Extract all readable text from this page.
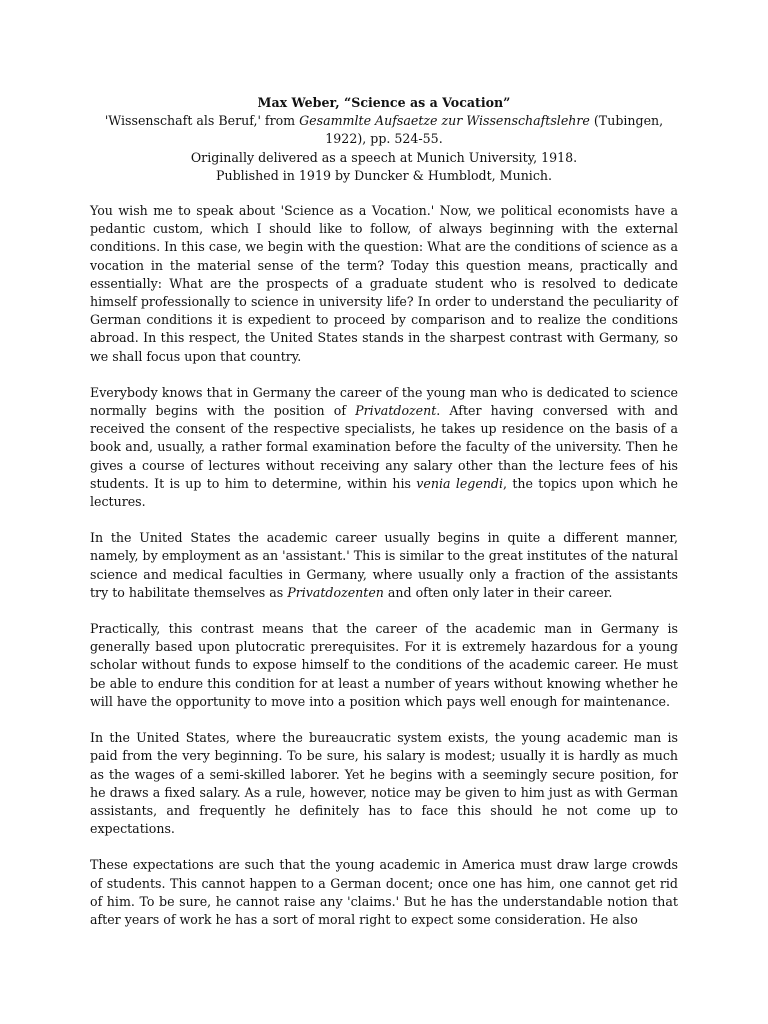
Max Weber, “Science as a Vocation”
'Wissenschaft als Beruf,' from Gesammlte Aufsaetze zur Wissenschaftslehre (Tubingen, 1922), pp. 524-55.
Originally delivered as a speech at Munich University, 1918.
Published in 1919 by Duncker & Humblodt, Munich.

You wish me to speak about 'Science as a Vocation.' Now, we political economists have a pedantic custom, which I should like to follow, of always beginning with the external conditions. In this case, we begin with the question: What are the conditions of science as a vocation in the material sense of the term? Today this question means, practically and essentially: What are the prospects of a graduate student who is resolved to dedicate himself professionally to science in university life? In order to understand the peculiarity of German conditions it is expedient to proceed by comparison and to realize the conditions abroad. In this respect, the United States stands in the sharpest contrast with Germany, so we shall focus upon that country.

Everybody knows that in Germany the career of the young man who is dedicated to science normally begins with the position of Privatdozent. After having conversed with and received the consent of the respective specialists, he takes up residence on the basis of a book and, usually, a rather formal examination before the faculty of the university. Then he gives a course of lectures without receiving any salary other than the lecture fees of his students. It is up to him to determine, within his venia legendi, the topics upon which he lectures.

In the United States the academic career usually begins in quite a different manner, namely, by employment as an 'assistant.' This is similar to the great institutes of the natural science and medical faculties in Germany, where usually only a fraction of the assistants try to habilitate themselves as Privatdozenten and often only later in their career.

Practically, this contrast means that the career of the academic man in Germany is generally based upon plutocratic prerequisites. For it is extremely hazardous for a young scholar without funds to expose himself to the conditions of the academic career. He must be able to endure this condition for at least a number of years without knowing whether he will have the opportunity to move into a position which pays well enough for maintenance.

In the United States, where the bureaucratic system exists, the young academic man is paid from the very beginning. To be sure, his salary is modest; usually it is hardly as much as the wages of a semi-skilled laborer. Yet he begins with a seemingly secure position, for he draws a fixed salary. As a rule, however, notice may be given to him just as with German assistants, and frequently he definitely has to face this should he not come up to expectations.

These expectations are such that the young academic in America must draw large crowds of students. This cannot happen to a German docent; once one has him, one cannot get rid of him. To be sure, he cannot raise any 'claims.' But he has the understandable notion that after years of work he has a sort of moral right to expect some consideration. He also
